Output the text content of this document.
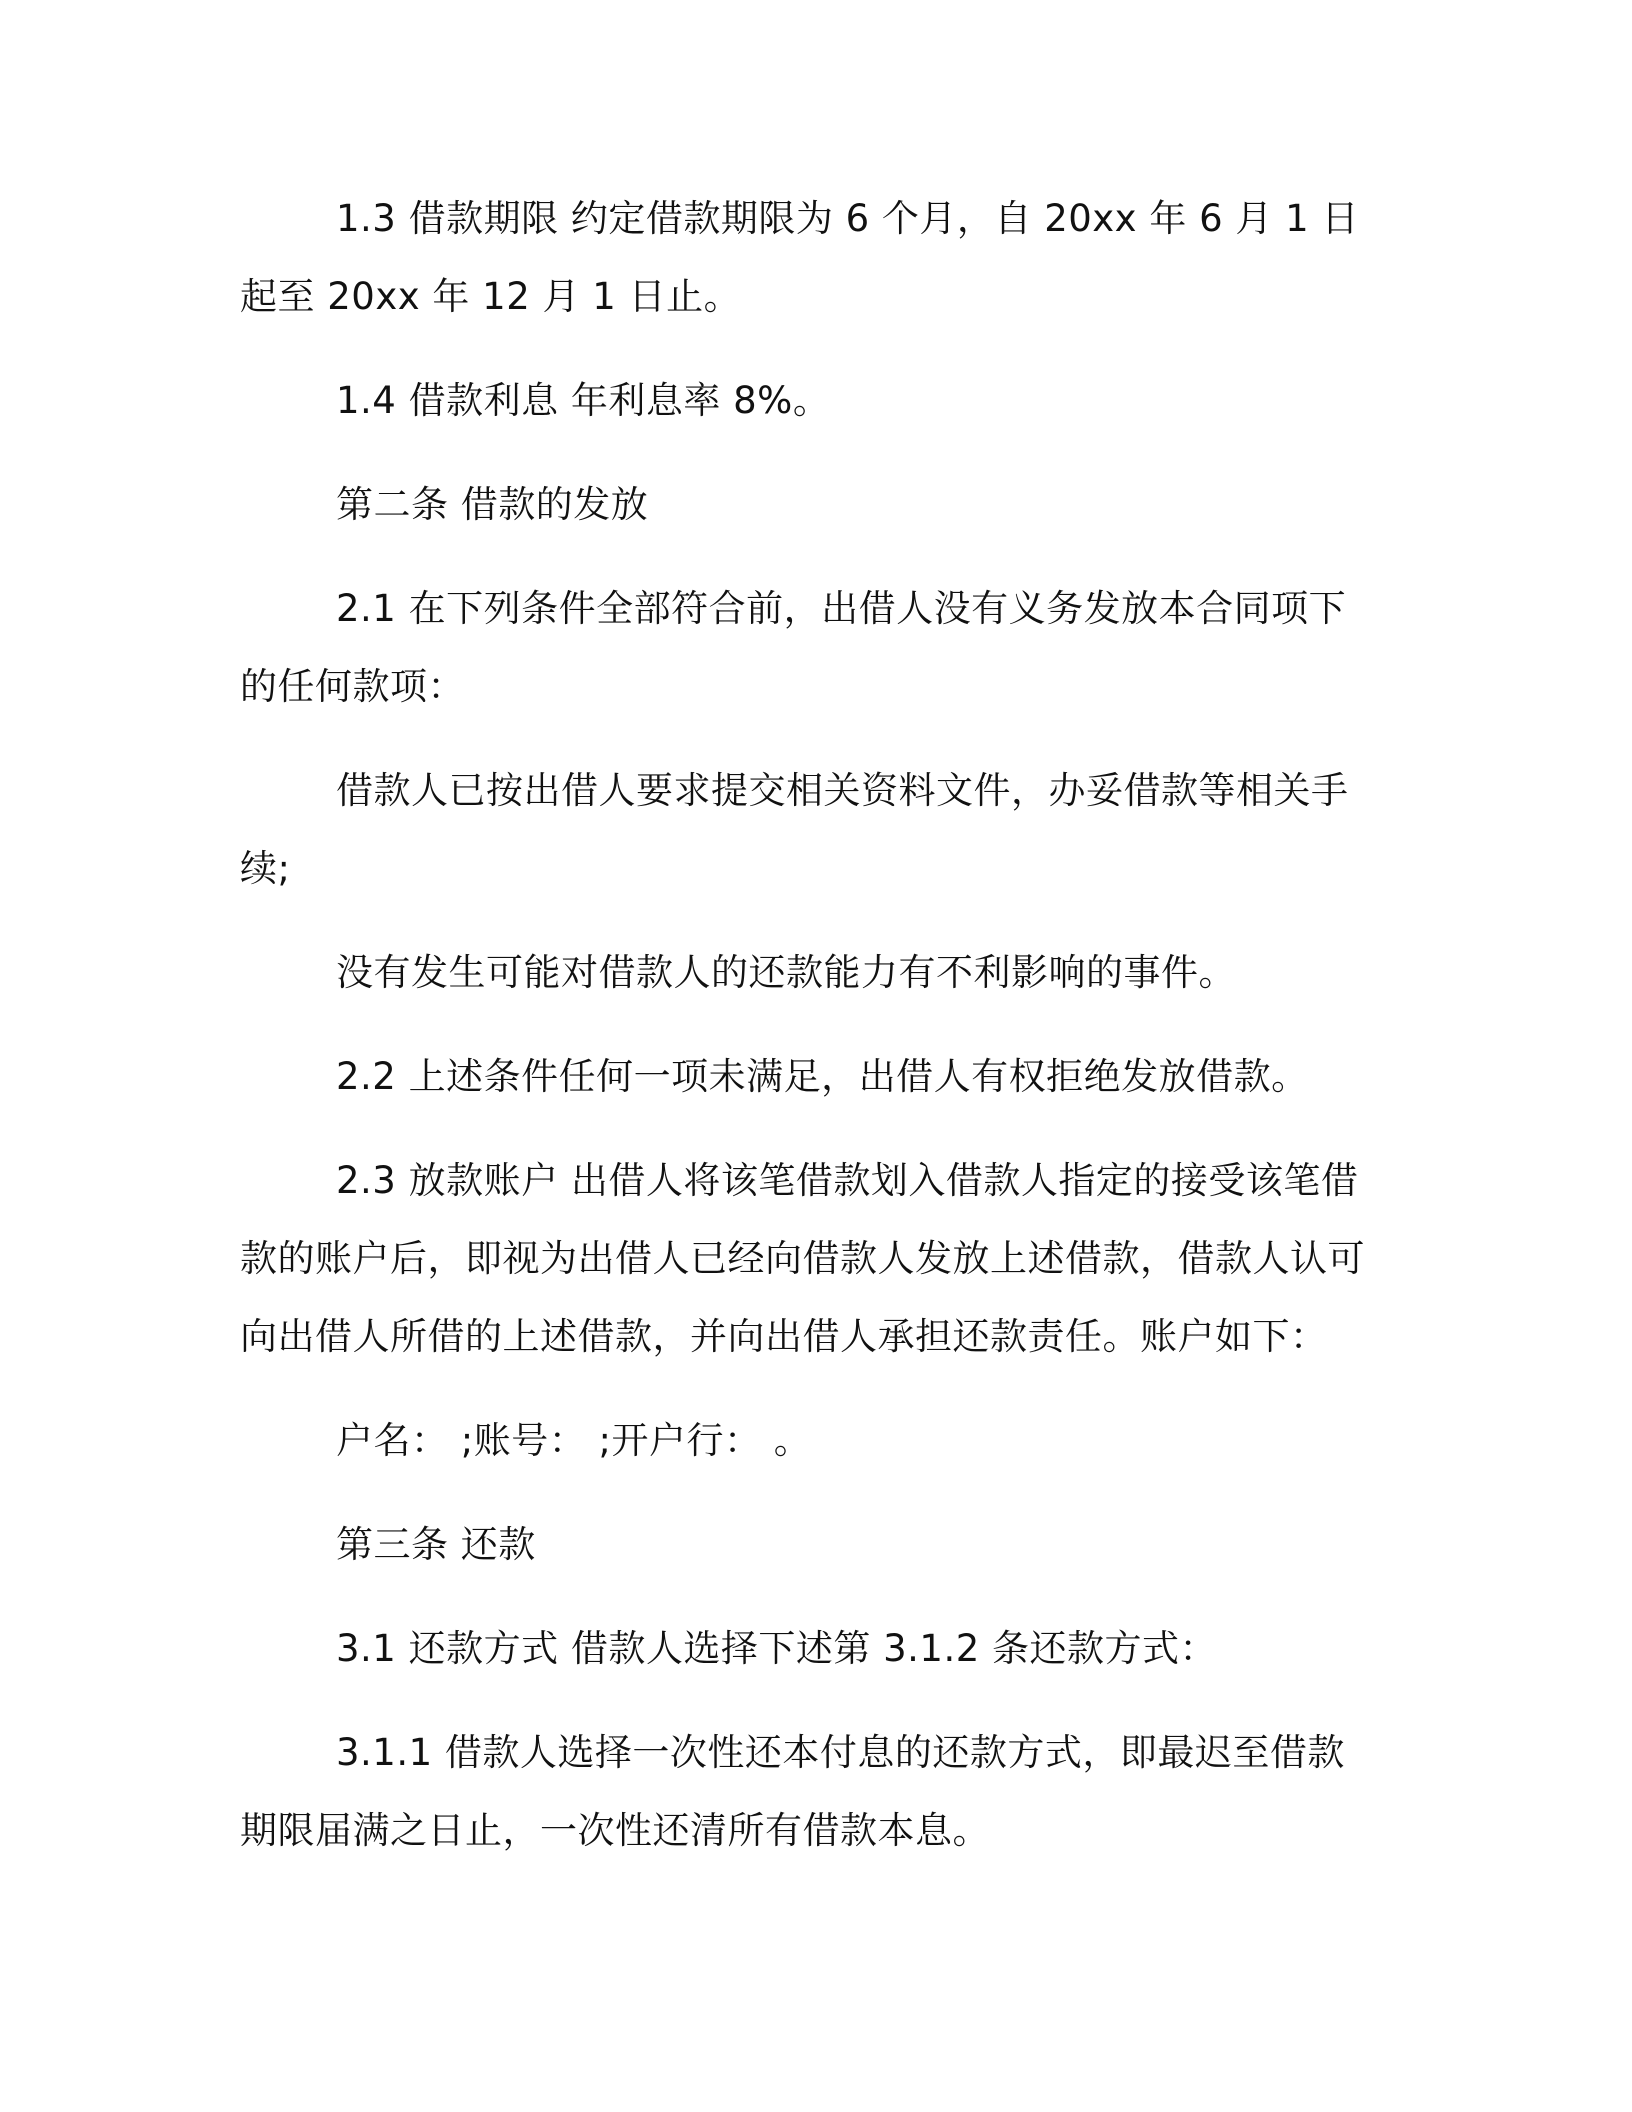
1.3 借款期限 约定借款期限为 6 个月，自 20xx 年 6 月 1 日起至 20xx 年 12 月 1 日止。

1.4 借款利息 年利息率 8%。

第二条 借款的发放

2.1 在下列条件全部符合前，出借人没有义务发放本合同项下的任何款项：

借款人已按出借人要求提交相关资料文件，办妥借款等相关手续;

没有发生可能对借款人的还款能力有不利影响的事件。

2.2 上述条件任何一项未满足，出借人有权拒绝发放借款。

2.3 放款账户 出借人将该笔借款划入借款人指定的接受该笔借款的账户后，即视为出借人已经向借款人发放上述借款，借款人认可向出借人所借的上述借款，并向出借人承担还款责任。账户如下：

户名： ;账号： ;开户行： 。

第三条 还款

3.1 还款方式 借款人选择下述第 3.1.2 条还款方式：

3.1.1 借款人选择一次性还本付息的还款方式，即最迟至借款期限届满之日止，一次性还清所有借款本息。
